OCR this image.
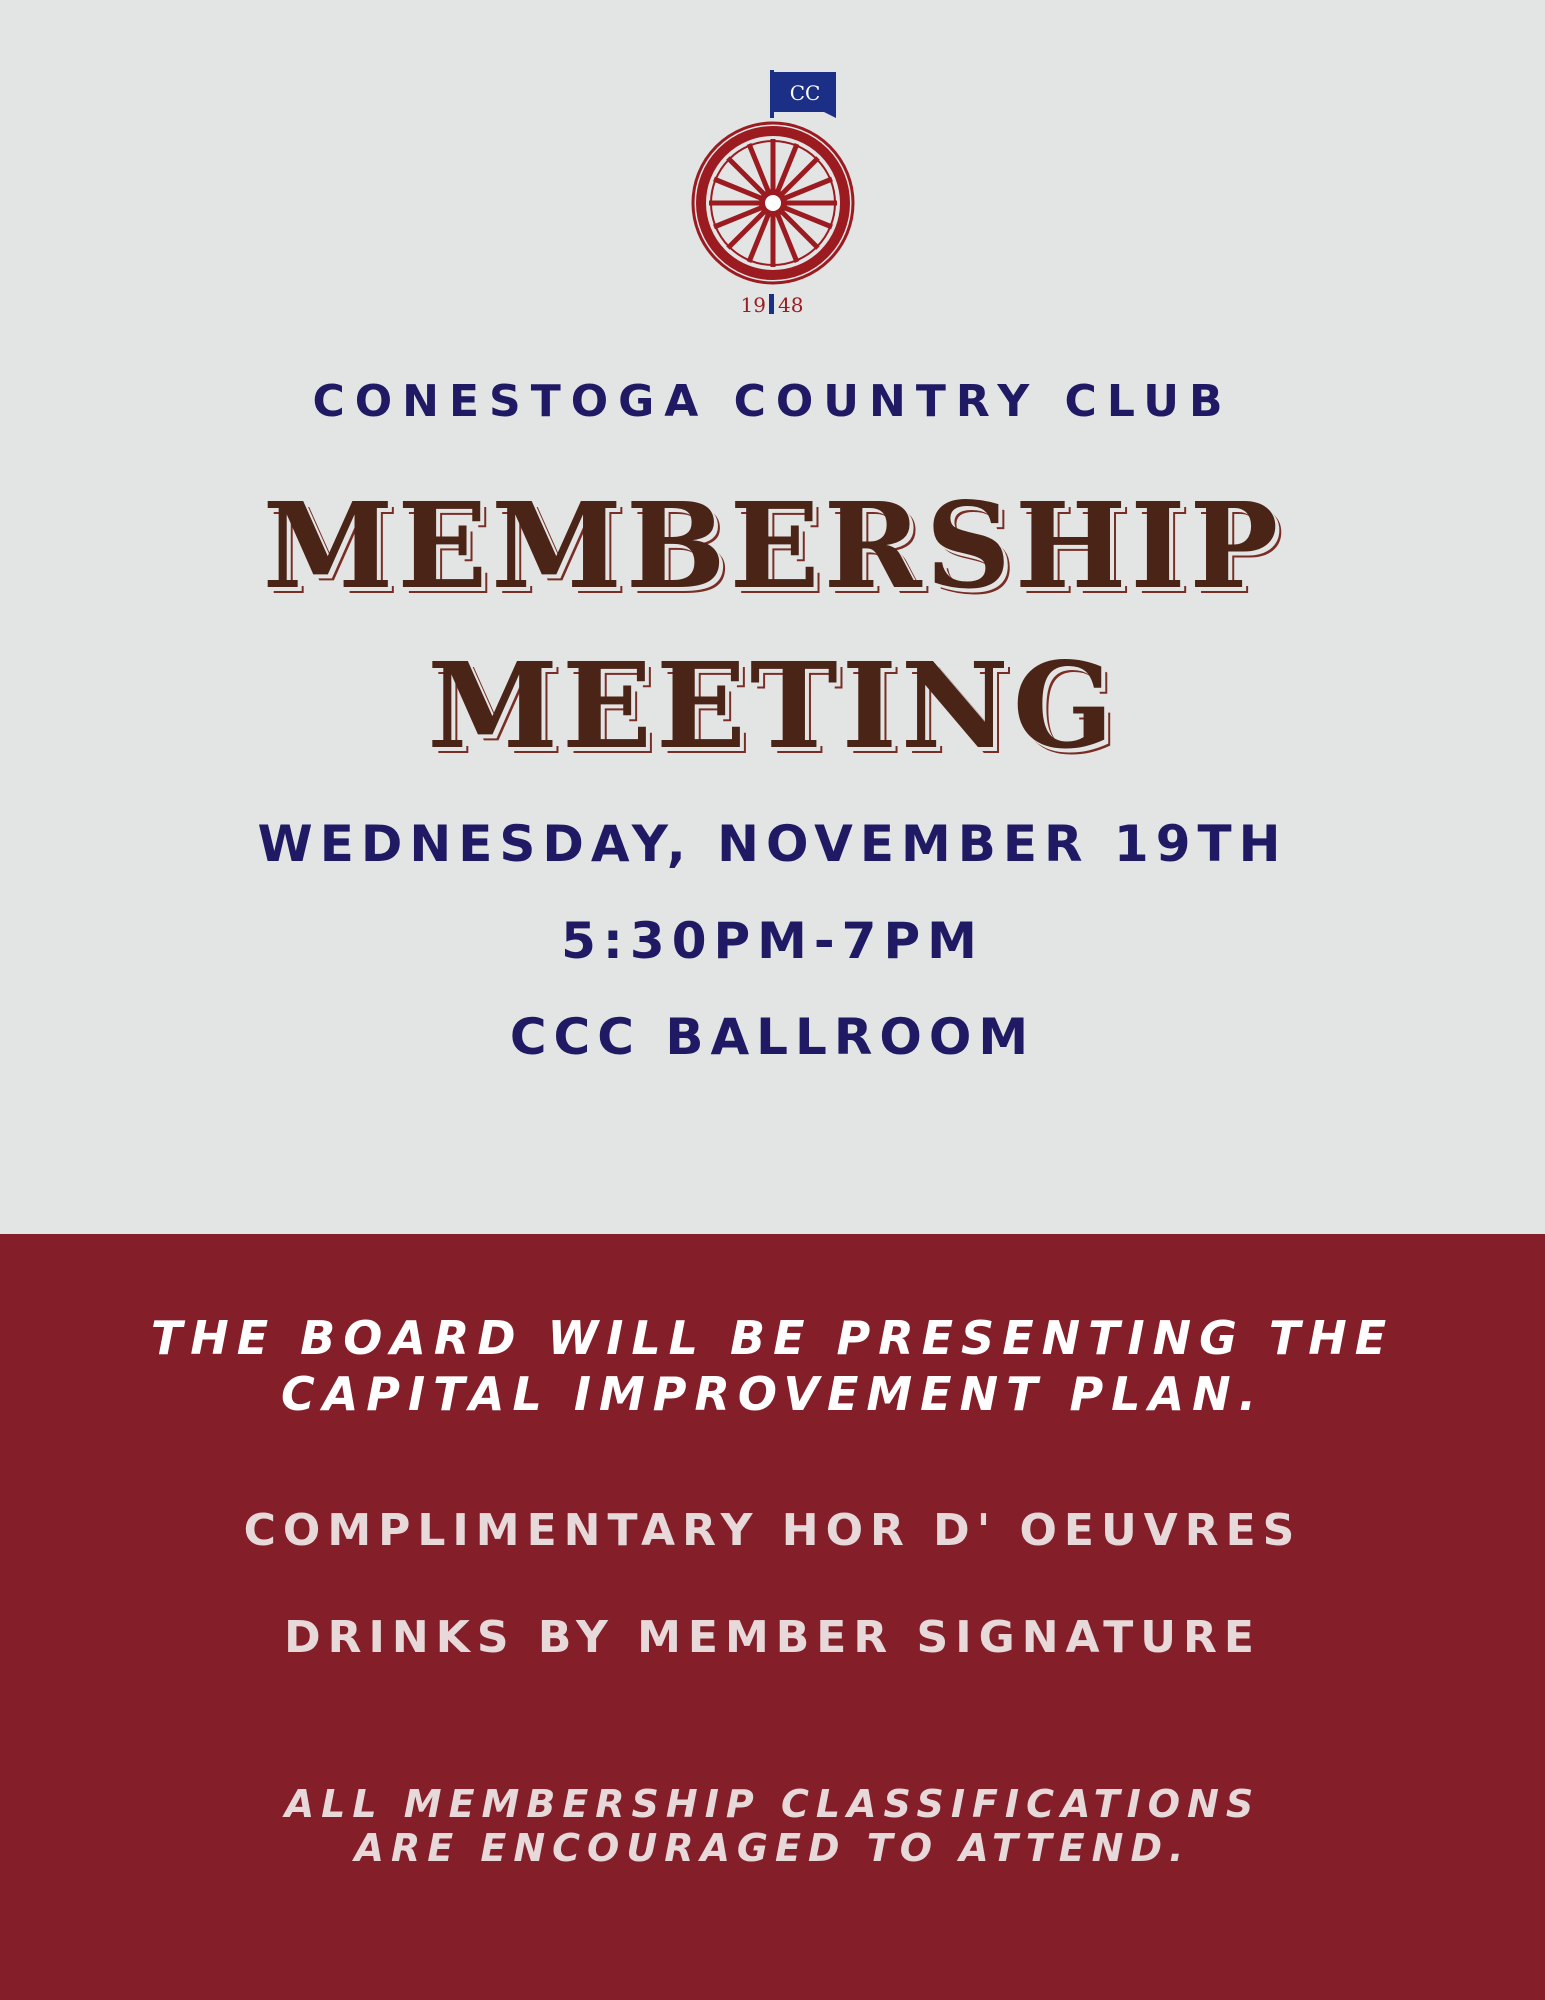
CC
19 48
CONESTOGA COUNTRY CLUB
MEMBERSHIP
MEETING
WEDNESDAY, NOVEMBER 19TH
5:30PM-7PM
CCC BALLROOM
THE BOARD WILL BE PRESENTING THE
CAPITAL IMPROVEMENT PLAN.
COMPLIMENTARY HOR D' OEUVRES
DRINKS BY MEMBER SIGNATURE
ALL MEMBERSHIP CLASSIFICATIONS
ARE ENCOURAGED TO ATTEND.
